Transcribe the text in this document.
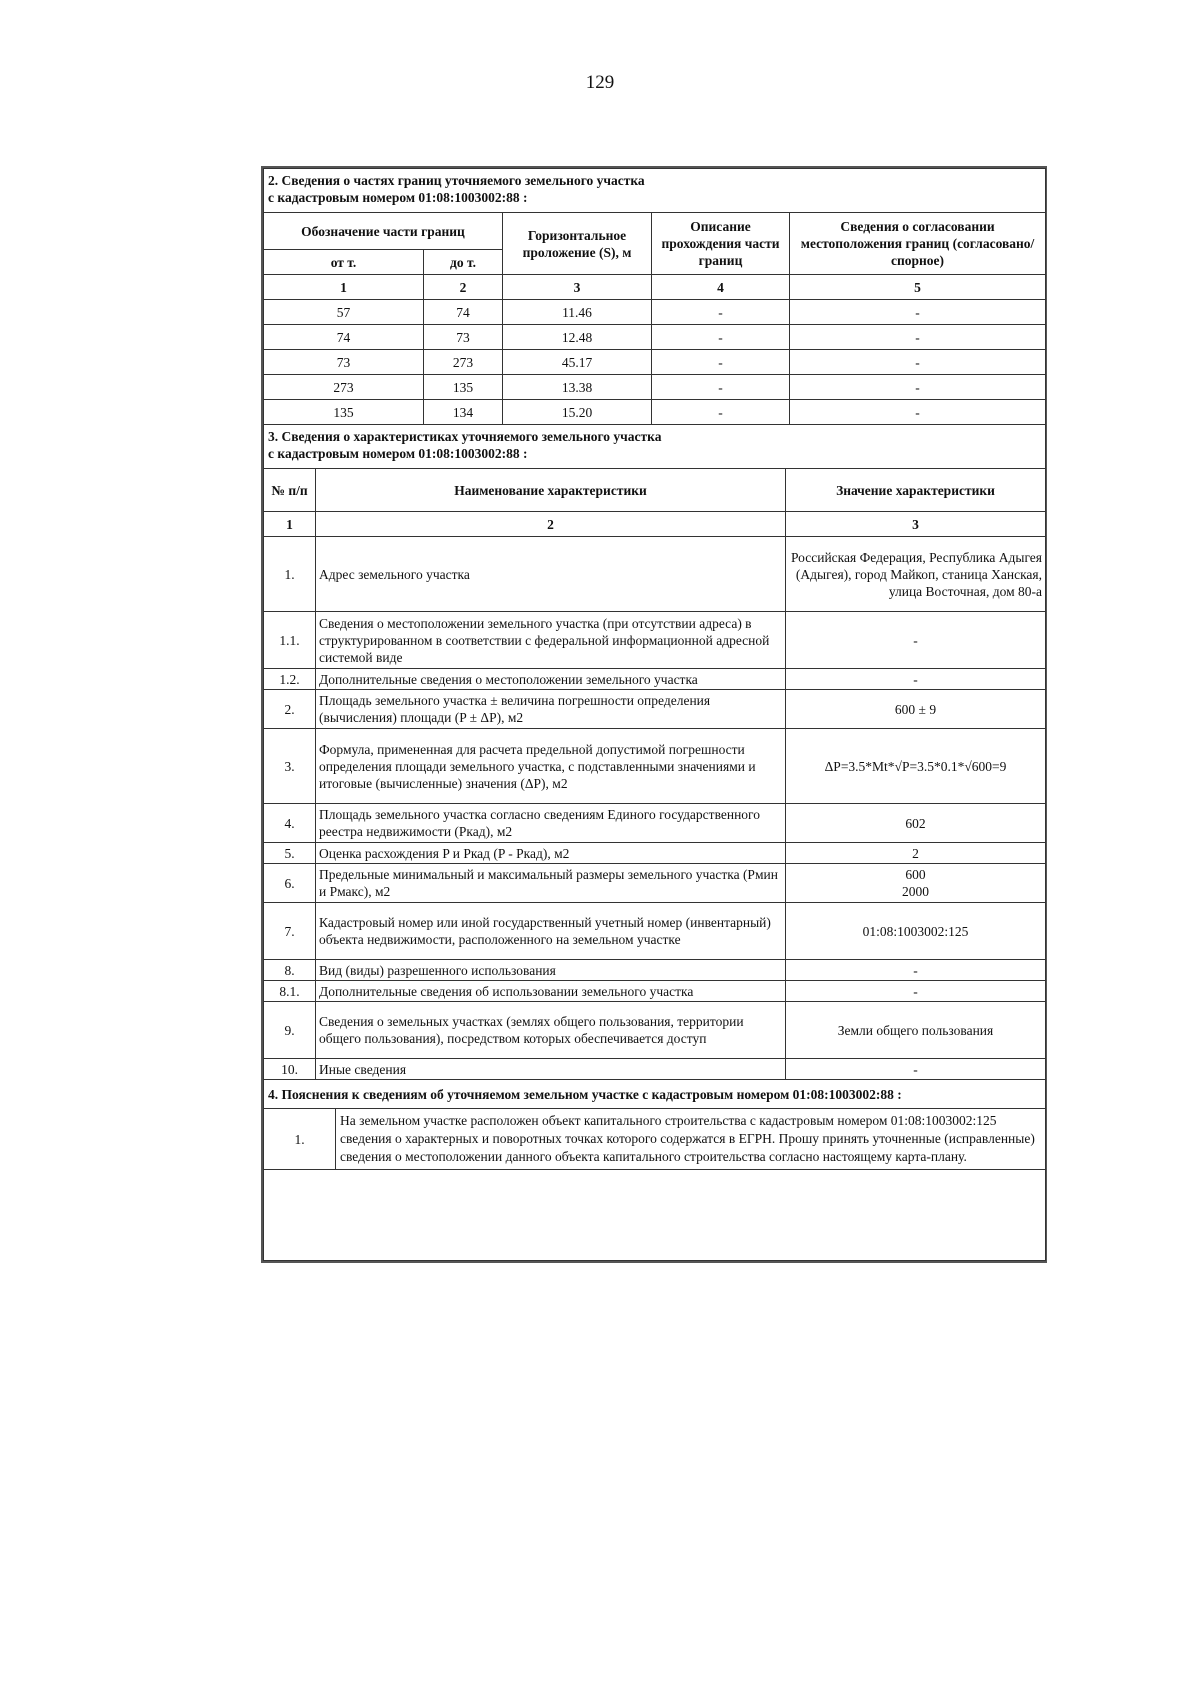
129
2. Сведения о частях границ уточняемого земельного участка
с кадастровым номером 01:08:1003002:88 :				

Обозначение части границ		Горизонтальное проложение (S), м	Описание прохождения части границ	Сведения о согласовании местоположения границ (согласовано/спорное)
от т.	до т.			
1	2	3	4	5
57	74	11.46	-	-
74	73	12.48	-	-
73	273	45.17	-	-
273	135	13.38	-	-
135	134	15.20	-	-
3. Сведения о характеристиках уточняемого земельного участка
с кадастровым номером 01:08:1003002:88 :		

№ п/п	Наименование характеристики	Значение характеристики
1	2	3
1.	Адрес земельного участка	Российская Федерация, Республика Адыгея (Адыгея), город Майкоп, станица Ханская, улица Восточная, дом 80-а
1.1.	Сведения о местоположении земельного участка (при отсутствии адреса) в структурированном в соответствии с федеральной информационной адресной системой виде	-
1.2.	Дополнительные сведения о местоположении земельного участка	-
2.	Площадь земельного участка ± величина погрешности определения (вычисления) площади (P ± ΔP), м2	600 ± 9
3.	Формула, примененная для расчета предельной допустимой погрешности определения площади земельного участка, с подставленными значениями и итоговые (вычисленные) значения (ΔP), м2	ΔP=3.5*Mt*√P=3.5*0.1*√600=9
4.	Площадь земельного участка согласно сведениям Единого государственного реестра недвижимости (Ркад), м2	602
5.	Оценка расхождения P и Ркад (P - Ркад), м2	2
6.	Предельные минимальный и максимальный размеры земельного участка (Рмин и Рмакс), м2	600
2000

7.	Кадастровый номер или иной государственный учетный номер (инвентарный) объекта недвижимости, расположенного на земельном участке	01:08:1003002:125
8.	Вид (виды) разрешенного использования	-
8.1.	Дополнительные сведения об использовании земельного участка	-
9.	Сведения о земельных участках (землях общего пользования, территории общего пользования), посредством которых обеспечивается доступ	Земли общего пользования
10.	Иные сведения	-
4. Пояснения к сведениям об уточняемом земельном участке с кадастровым номером 01:08:1003002:88 :
1.	На земельном участке расположен объект капитального строительства с кадастровым номером 01:08:1003002:125 сведения о характерных и поворотных точках которого содержатся в ЕГРН. Прошу принять уточненные (исправленные) сведения о местоположении данного объекта капитального строительства согласно настоящему карта-плану.
